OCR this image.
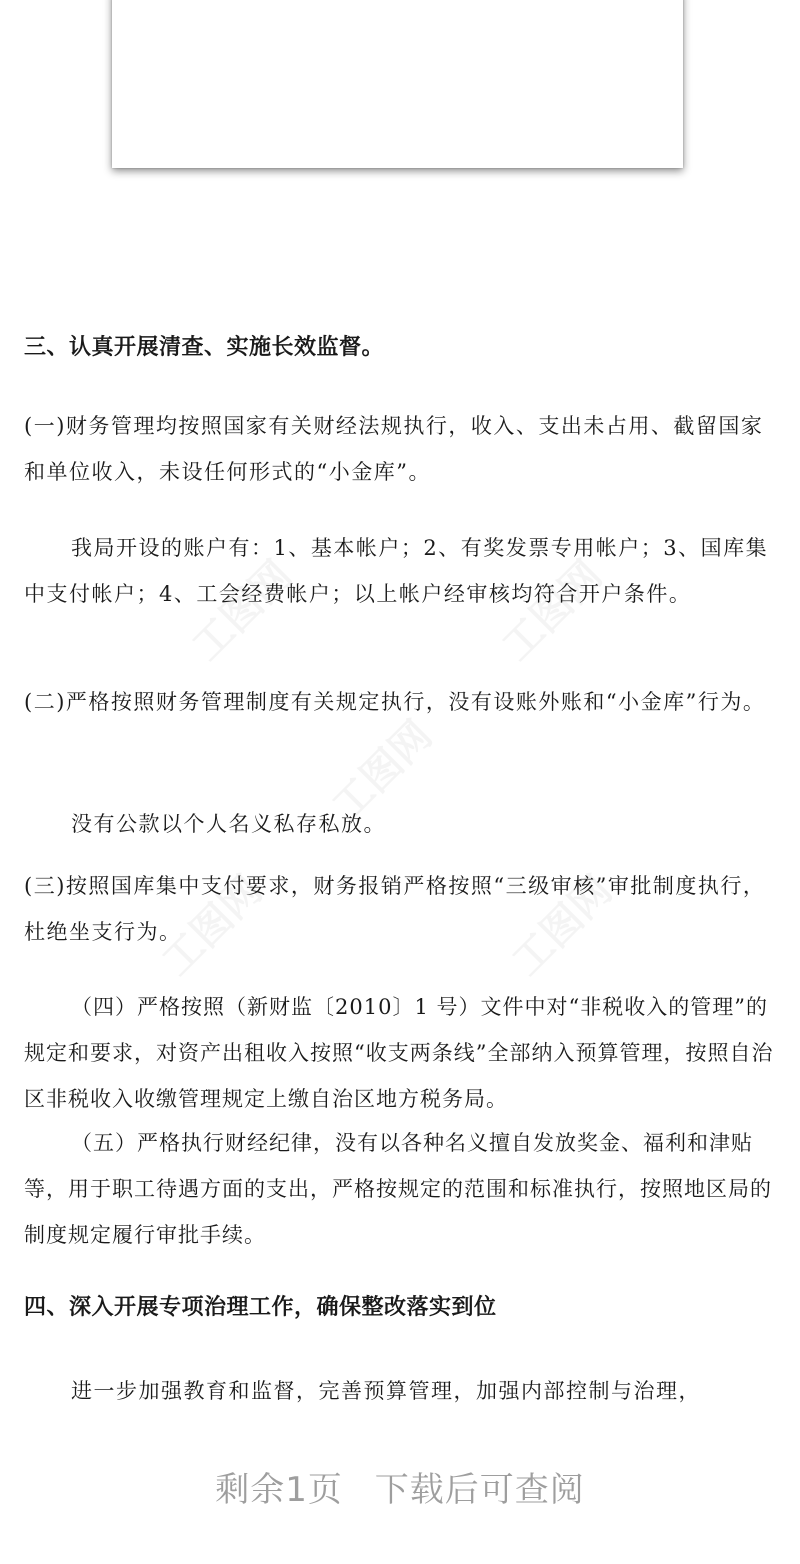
工图网	工图网
工图网
工图网	工图网
三、认真开展清查、实施长效监督。

(一)财务管理均按照国家有关财经法规执行，收入、支出未占用、截留国家和单位收入，未设任何形式的“小金库”。

我局开设的账户有：1、基本帐户；2、有奖发票专用帐户；3、国库集中支付帐户；4、工会经费帐户；以上帐户经审核均符合开户条件。

(二)严格按照财务管理制度有关规定执行，没有设账外账和“小金库”行为。

没有公款以个人名义私存私放。

(三)按照国库集中支付要求，财务报销严格按照“三级审核”审批制度执行，杜绝坐支行为。

（四）严格按照（新财监〔2010〕1 号）文件中对“非税收入的管理”的规定和要求，对资产出租收入按照“收支两条线”全部纳入预算管理，按照自治区非税收入收缴管理规定上缴自治区地方税务局。

（五）严格执行财经纪律，没有以各种名义擅自发放奖金、福利和津贴等，用于职工待遇方面的支出，严格按规定的范围和标准执行，按照地区局的制度规定履行审批手续。

四、深入开展专项治理工作，确保整改落实到位

进一步加强教育和监督，完善预算管理，加强内部控制与治理，

剩余1页 下载后可查阅
